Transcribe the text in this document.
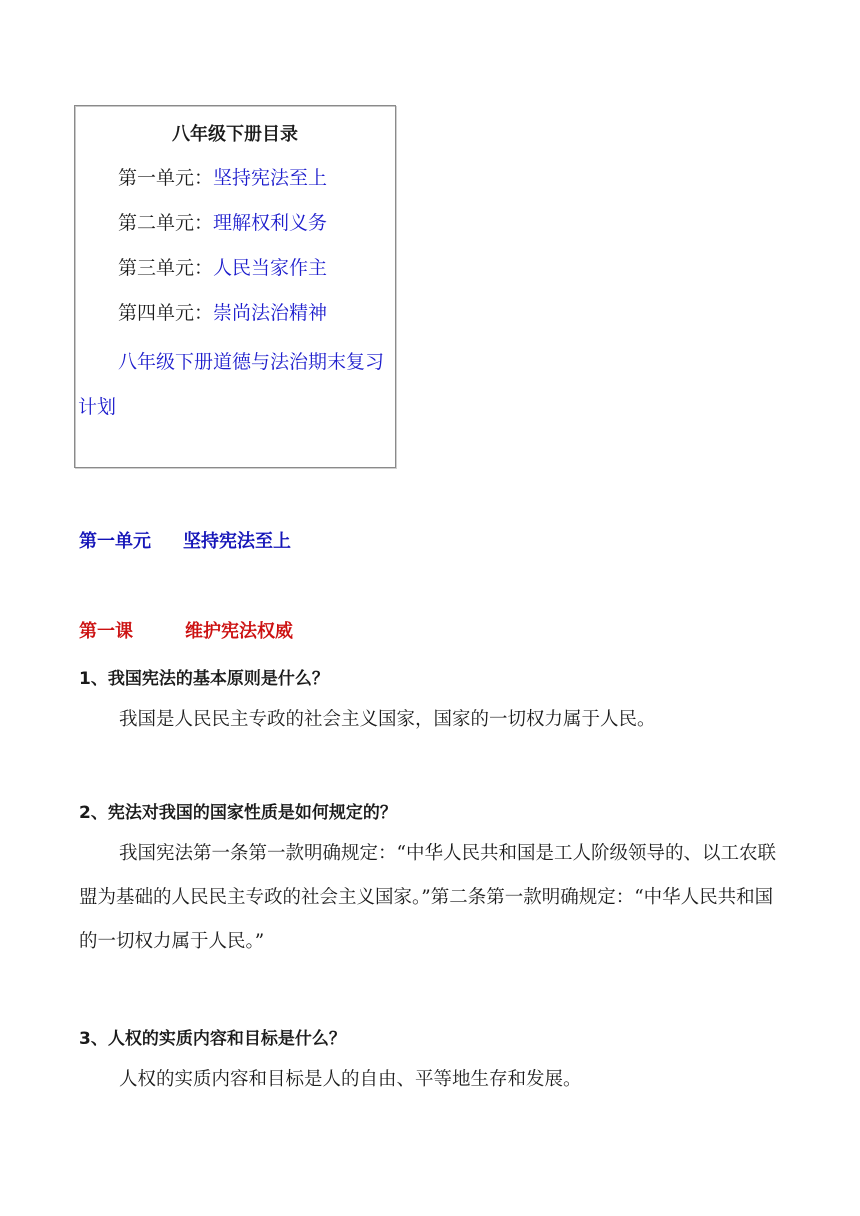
八年级下册目录
第一单元：坚持宪法至上
第二单元：理解权利义务
第三单元：人民当家作主
第四单元：崇尚法治精神
八年级下册道德与法治期末复习计划
第一单元 坚持宪法至上
第一课	维护宪法权威
1、我国宪法的基本原则是什么？
我国是人民民主专政的社会主义国家，国家的一切权力属于人民。
2、宪法对我国的国家性质是如何规定的？
我国宪法第一条第一款明确规定：“中华人民共和国是工人阶级领导的、以工农联盟为基础的人民民主专政的社会主义国家。”第二条第一款明确规定：“中华人民共和国的一切权力属于人民。”
3、人权的实质内容和目标是什么？
人权的实质内容和目标是人的自由、平等地生存和发展。
